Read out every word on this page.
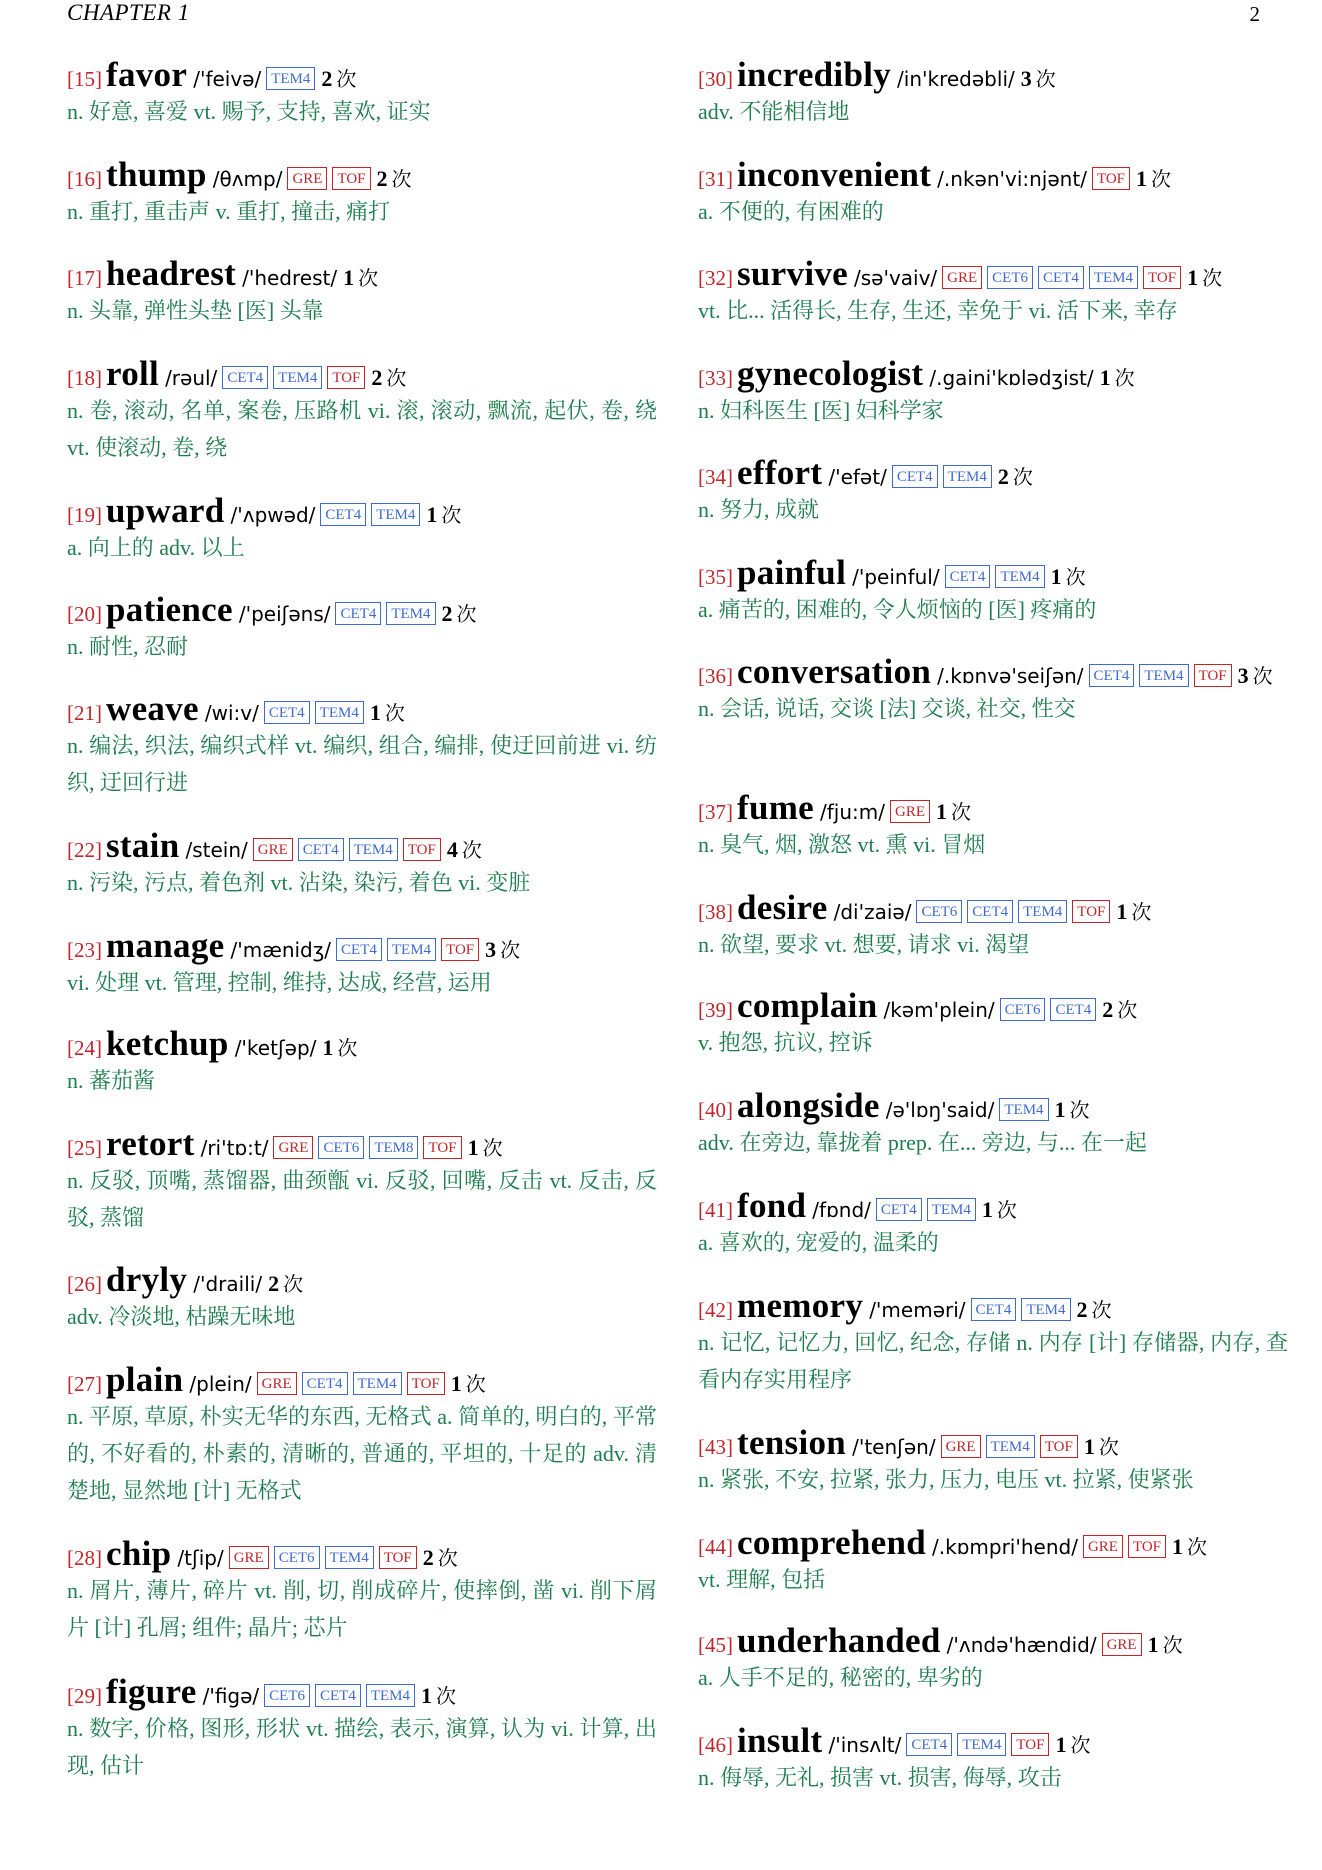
CHAPTER 1	2
[15] favor /'feivə/ TEM4 2 次
n. 好意, 喜爱 vt. 赐予, 支持, 喜欢, 证实
[16] thump /θʌmp/ GRE TOF 2 次
n. 重打, 重击声 v. 重打, 撞击, 痛打
[17] headrest /'hedrest/ 1 次
n. 头靠, 弹性头垫 [医] 头靠
[18] roll /rəul/ CET4 TEM4 TOF 2 次
n. 卷, 滚动, 名单, 案卷, 压路机 vi. 滚, 滚动, 飘流, 起伏, 卷, 绕 vt. 使滚动, 卷, 绕
[19] upward /'ʌpwəd/ CET4 TEM4 1 次
a. 向上的 adv. 以上
[20] patience /'peiʃəns/ CET4 TEM4 2 次
n. 耐性, 忍耐
[21] weave /wi:v/ CET4 TEM4 1 次
n. 编法, 织法, 编织式样 vt. 编织, 组合, 编排, 使迂回前进 vi. 纺织, 迂回行进
[22] stain /stein/ GRE CET4 TEM4 TOF 4 次
n. 污染, 污点, 着色剂 vt. 沾染, 染污, 着色 vi. 变脏
[23] manage /'mænidʒ/ CET4 TEM4 TOF 3 次
vi. 处理 vt. 管理, 控制, 维持, 达成, 经营, 运用
[24] ketchup /'ketʃəp/ 1 次
n. 蕃茄酱
[25] retort /ri'tɒ:t/ GRE CET6 TEM8 TOF 1 次
n. 反驳, 顶嘴, 蒸馏器, 曲颈甑 vi. 反驳, 回嘴, 反击 vt. 反击, 反驳, 蒸馏
[26] dryly /'draili/ 2 次
adv. 冷淡地, 枯躁无味地
[27] plain /plein/ GRE CET4 TEM4 TOF 1 次
n. 平原, 草原, 朴实无华的东西, 无格式 a. 简单的, 明白的, 平常的, 不好看的, 朴素的, 清晰的, 普通的, 平坦的, 十足的 adv. 清楚地, 显然地 [计] 无格式
[28] chip /tʃip/ GRE CET6 TEM4 TOF 2 次
n. 屑片, 薄片, 碎片 vt. 削, 切, 削成碎片, 使摔倒, 凿 vi. 削下屑片 [计] 孔屑; 组件; 晶片; 芯片
[29] figure /'figə/ CET6 CET4 TEM4 1 次
n. 数字, 价格, 图形, 形状 vt. 描绘, 表示, 演算, 认为 vi. 计算, 出现, 估计
[30] incredibly /in'kredəbli/ 3 次
adv. 不能相信地
[31] inconvenient /.nkən'vi:njənt/ TOF 1 次
a. 不便的, 有困难的
[32] survive /sə'vaiv/ GRE CET6 CET4 TEM4 TOF 1 次
vt. 比... 活得长, 生存, 生还, 幸免于 vi. 活下来, 幸存
[33] gynecologist /.gaini'kɒlədʒist/ 1 次
n. 妇科医生 [医] 妇科学家
[34] effort /'efət/ CET4 TEM4 2 次
n. 努力, 成就
[35] painful /'peinful/ CET4 TEM4 1 次
a. 痛苦的, 困难的, 令人烦恼的 [医] 疼痛的
[36] conversation /.kɒnvə'seiʃən/ CET4 TEM4 TOF 3 次
n. 会话, 说话, 交谈 [法] 交谈, 社交, 性交
[37] fume /fju:m/ GRE 1 次
n. 臭气, 烟, 激怒 vt. 熏 vi. 冒烟
[38] desire /di'zaiə/ CET6 CET4 TEM4 TOF 1 次
n. 欲望, 要求 vt. 想要, 请求 vi. 渴望
[39] complain /kəm'plein/ CET6 CET4 2 次
v. 抱怨, 抗议, 控诉
[40] alongside /ə'lɒŋ'said/ TEM4 1 次
adv. 在旁边, 靠拢着 prep. 在... 旁边, 与... 在一起
[41] fond /fɒnd/ CET4 TEM4 1 次
a. 喜欢的, 宠爱的, 温柔的
[42] memory /'meməri/ CET4 TEM4 2 次
n. 记忆, 记忆力, 回忆, 纪念, 存储 n. 内存 [计] 存储器, 内存, 查看内存实用程序
[43] tension /'tenʃən/ GRE TEM4 TOF 1 次
n. 紧张, 不安, 拉紧, 张力, 压力, 电压 vt. 拉紧, 使紧张
[44] comprehend /.kɒmpri'hend/ GRE TOF 1 次
vt. 理解, 包括
[45] underhanded /'ʌndə'hændid/ GRE 1 次
a. 人手不足的, 秘密的, 卑劣的
[46] insult /'insʌlt/ CET4 TEM4 TOF 1 次
n. 侮辱, 无礼, 损害 vt. 损害, 侮辱, 攻击
